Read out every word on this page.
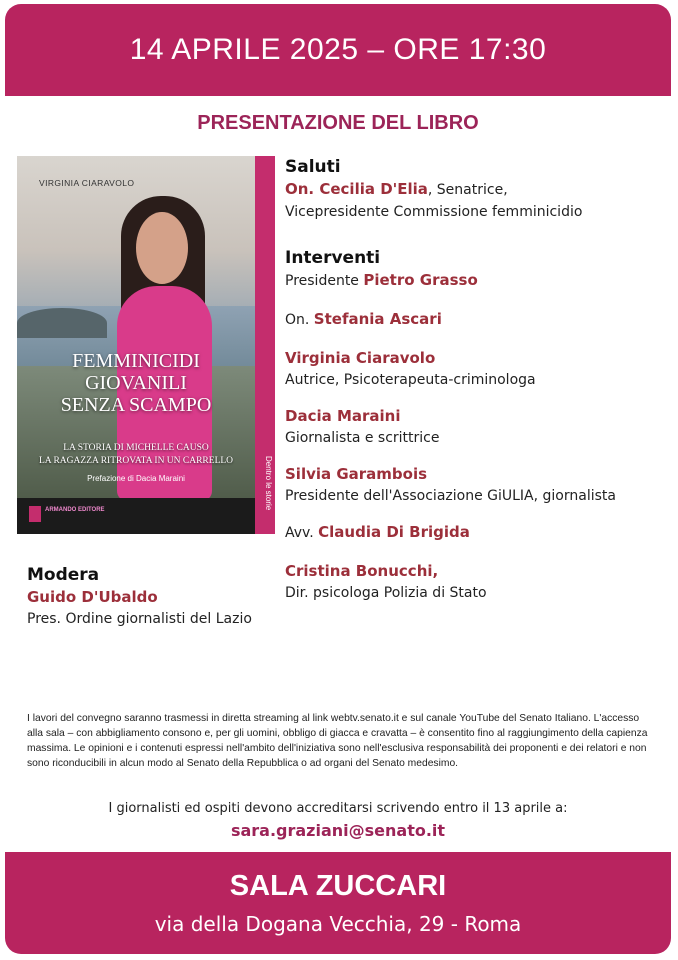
14 APRILE 2025 – ORE 17:30
PRESENTAZIONE DEL LIBRO
VIRGINIA CIARAVOLO
FEMMINICIDI
GIOVANILI
SENZA SCAMPO
LA STORIA DI MICHELLE CAUSO
LA RAGAZZA RITROVATA IN UN CARRELLO
Prefazione di Dacia Maraini
ARMANDO EDITORE	Dentro le storie
Saluti
On. Cecilia D'Elia, Senatrice,
Vicepresidente Commissione femminicidio
Interventi
Presidente Pietro Grasso
On. Stefania Ascari
Virginia Ciaravolo
Autrice, Psicoterapeuta-criminologa
Dacia Maraini
Giornalista e scrittrice
Silvia Garambois
Presidente dell'Associazione GiULIA, giornalista
Avv. Claudia Di Brigida
Cristina Bonucchi,
Dir. psicologa Polizia di Stato
Modera
Guido D'Ubaldo
Pres. Ordine giornalisti del Lazio
I lavori del convegno saranno trasmessi in diretta streaming al link webtv.senato.it e sul canale YouTube del Senato Italiano. L'accesso alla sala – con abbigliamento consono e, per gli uomini, obbligo di giacca e cravatta – è consentito fino al raggiungimento della capienza massima. Le opinioni e i contenuti espressi nell'ambito dell'iniziativa sono nell'esclusiva responsabilità dei proponenti e dei relatori e non sono riconducibili in alcun modo al Senato della Repubblica o ad organi del Senato medesimo.
I giornalisti ed ospiti devono accreditarsi scrivendo entro il 13 aprile a:
sara.graziani@senato.it
SALA ZUCCARI
via della Dogana Vecchia, 29 - Roma
